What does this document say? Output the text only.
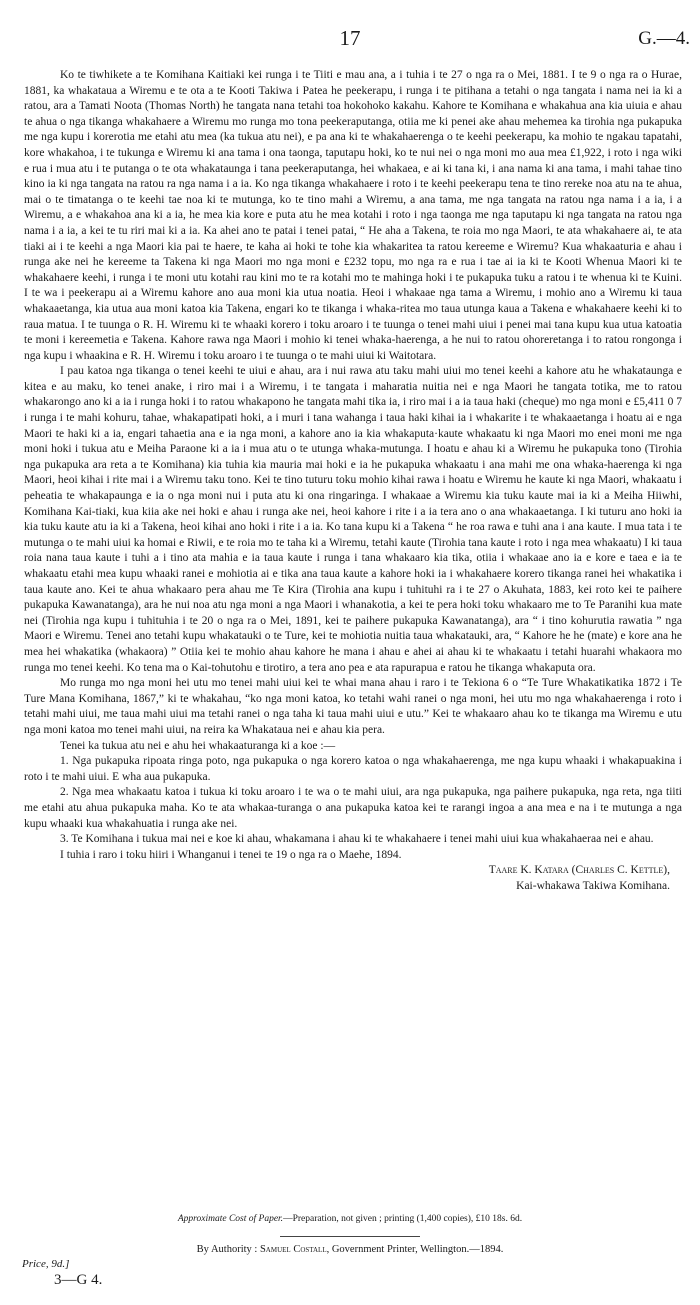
17	G.—4.

Ko te tiwhikete a te Komihana Kaitiaki kei runga i te Tiiti e mau ana, a i tuhia i te 27 o nga ra o Mei, 1881. I te 9 o nga ra o Hurae, 1881, ka whakataua a Wiremu e te ota a te Kooti Takiwa i Patea he peekerapu, i runga i te pitihana a tetahi o nga tangata i nama nei ia ki a ratou, ara a Tamati Noota (Thomas North) he tangata nana tetahi toa hokohoko kakahu. Kahore te Komihana e whakahua ana kia uiuia e ahau te ahua o nga tikanga whakahaere a Wiremu mo runga mo tona peekeraputanga, otiia me ki penei ake ahau mehemea ka tirohia nga pukapuka me nga kupu i korerotia me etahi atu mea (ka tukua atu nei), e pa ana ki te whakahaerenga o te keehi peekerapu, ka mohio te ngakau tapatahi, kore whakahoa, i te tukunga e Wiremu ki ana tama i ona taonga, taputapu hoki, ko te nui nei o nga moni mo aua mea £1,922, i roto i nga wiki e rua i mua atu i te putanga o te ota whakataunga i tana peekeraputanga, hei whakaea, e ai ki tana ki, i ana nama ki ana tama, i mahi tahae tino kino ia ki nga tangata na ratou ra nga nama i a ia. Ko nga tikanga whakahaere i roto i te keehi peekerapu tena te tino rereke noa atu na te ahua, mai o te timatanga o te keehi tae noa ki te mutunga, ko te tino mahi a Wiremu, a ana tama, me nga tangata na ratou nga nama i a ia, i a Wiremu, a e whakahoa ana ki a ia, he mea kia kore e puta atu he mea kotahi i roto i nga taonga me nga taputapu ki nga tangata na ratou nga nama i a ia, a kei te tu riri mai ki a ia. Ka ahei ano te patai i tenei patai, “ He aha a Takena, te roia mo nga Maori, te ata whakahaere ai, te ata tiaki ai i te keehi a nga Maori kia pai te haere, te kaha ai hoki te tohe kia whakaritea ta ratou kereeme e Wiremu? Kua whakaaturia e ahau i runga ake nei he kereeme ta Takena ki nga Maori mo nga moni e £232 topu, mo nga ra e rua i tae ai ia ki te Kooti Whenua Maori ki te whakahaere keehi, i runga i te moni utu kotahi rau kini mo te ra kotahi mo te mahinga hoki i te pukapuka tuku a ratou i te whenua ki te Kuini. I te wa i peekerapu ai a Wiremu kahore ano aua moni kia utua noatia. Heoi i whakaae nga tama a Wiremu, i mohio ano a Wiremu ki taua whakaaetanga, kia utua aua moni katoa kia Takena, engari ko te tikanga i whaka-ritea mo taua utunga kaua a Takena e whakahaere keehi ki to raua matua. I te tuunga o R. H. Wiremu ki te whaaki korero i toku aroaro i te tuunga o tenei mahi uiui i penei mai tana kupu kua utua katoatia te moni i kereemetia e Takena. Kahore rawa nga Maori i mohio ki tenei whaka-haerenga, a he nui to ratou ohoreretanga i to ratou rongonga i nga kupu i whaakina e R. H. Wiremu i toku aroaro i te tuunga o te mahi uiui ki Waitotara.

I pau katoa nga tikanga o tenei keehi te uiui e ahau, ara i nui rawa atu taku mahi uiui mo tenei keehi a kahore atu he whakataunga e kitea e au maku, ko tenei anake, i riro mai i a Wiremu, i te tangata i maharatia nuitia nei e nga Maori he tangata totika, me to ratou whakarongo ano ki a ia i runga hoki i to ratou whakapono he tangata mahi tika ia, i riro mai i a ia taua haki (cheque) mo nga moni e £5,411 0 7 i runga i te mahi kohuru, tahae, whakapatipati hoki, a i muri i tana wahanga i taua haki kihai ia i whakarite i te whakaaetanga i hoatu ai e nga Maori te haki ki a ia, engari tahaetia ana e ia nga moni, a kahore ano ia kia whakaputa·kaute whakaatu ki nga Maori mo enei moni me nga moni hoki i tukua atu e Meiha Paraone ki a ia i mua atu o te utunga whaka-mutunga. I hoatu e ahau ki a Wiremu he pukapuka tono (Tirohia nga pukapuka ara reta a te Komihana) kia tuhia kia mauria mai hoki e ia he pukapuka whakaatu i ana mahi me ona whaka-haerenga ki nga Maori, heoi kihai i rite mai i a Wiremu taku tono. Kei te tino tuturu toku mohio kihai rawa i hoatu e Wiremu he kaute ki nga Maori, whakaatu i peheatia te whakapaunga e ia o nga moni nui i puta atu ki ona ringaringa. I whakaae a Wiremu kia tuku kaute mai ia ki a Meiha Hiiwhi, Komihana Kai-tiaki, kua kiia ake nei hoki e ahau i runga ake nei, heoi kahore i rite i a ia tera ano o ana whakaaetanga. I ki tuturu ano hoki ia kia tuku kaute atu ia ki a Takena, heoi kihai ano hoki i rite i a ia. Ko tana kupu ki a Takena “ he roa rawa e tuhi ana i ana kaute. I mua tata i te mutunga o te mahi uiui ka homai e Riwii, e te roia mo te taha ki a Wiremu, tetahi kaute (Tirohia tana kaute i roto i nga mea whakaatu) I ki taua roia nana taua kaute i tuhi a i tino ata mahia e ia taua kaute i runga i tana whakaaro kia tika, otiia i whakaae ano ia e kore e taea e ia te whakaatu etahi mea kupu whaaki ranei e mohiotia ai e tika ana taua kaute a kahore hoki ia i whakahaere korero tikanga ranei hei whakatika i taua kaute ano. Kei te ahua whakaaro pera ahau me Te Kira (Tirohia ana kupu i tuhituhi ra i te 27 o Akuhata, 1883, kei roto kei te paihere pukapuka Kawanatanga), ara he nui noa atu nga moni a nga Maori i whanakotia, a kei te pera hoki toku whakaaro me to Te Paranihi kua mate nei (Tirohia nga kupu i tuhituhia i te 20 o nga ra o Mei, 1891, kei te paihere pukapuka Kawanatanga), ara “ i tino kohurutia rawatia ” nga Maori e Wiremu. Tenei ano tetahi kupu whakatauki o te Ture, kei te mohiotia nuitia taua whakatauki, ara, “ Kahore he he (mate) e kore ana he mea hei whakatika (whakaora) ” Otiia kei te mohio ahau kahore he mana i ahau e ahei ai ahau ki te whakaatu i tetahi huarahi whakaora mo runga mo tenei keehi. Ko tena ma o Kai-tohutohu e tirotiro, a tera ano pea e ata rapurapua e ratou he tikanga whakaputa ora.

Mo runga mo nga moni hei utu mo tenei mahi uiui kei te whai mana ahau i raro i te Tekiona 6 o “Te Ture Whakatikatika 1872 i Te Ture Mana Komihana, 1867,” ki te whakahau, “ko nga moni katoa, ko tetahi wahi ranei o nga moni, hei utu mo nga whakahaerenga i roto i tetahi mahi uiui, me taua mahi uiui ma tetahi ranei o nga taha ki taua mahi uiui e utu.” Kei te whakaaro ahau ko te tikanga ma Wiremu e utu nga moni katoa mo tenei mahi uiui, na reira ka Whakataua nei e ahau kia pera.

Tenei ka tukua atu nei e ahu hei whakaaturanga ki a koe :—

1. Nga pukapuka ripoata ringa poto, nga pukapuka o nga korero katoa o nga whakahaerenga, me nga kupu whaaki i whakapuakina i roto i te mahi uiui. E wha aua pukapuka.

2. Nga mea whakaatu katoa i tukua ki toku aroaro i te wa o te mahi uiui, ara nga pukapuka, nga paihere pukapuka, nga reta, nga tiiti me etahi atu ahua pukapuka maha. Ko te ata whakaa-turanga o ana pukapuka katoa kei te rarangi ingoa a ana mea e na i te mutunga a nga kupu whaaki kua whakahuatia i runga ake nei.

3. Te Komihana i tukua mai nei e koe ki ahau, whakamana i ahau ki te whakahaere i tenei mahi uiui kua whakahaeraa nei e ahau.

I tuhia i raro i toku hiiri i Whanganui i tenei te 19 o nga ra o Maehe, 1894.

Taare K. Katara (Charles C. Kettle),

Kai-whakawa Takiwa Komihana.

Approximate Cost of Paper.—Preparation, not given ; printing (1,400 copies), £10 18s. 6d.
By Authority : Samuel Costall, Government Printer, Wellington.—1894.
Price, 9d.]
3—G 4.
